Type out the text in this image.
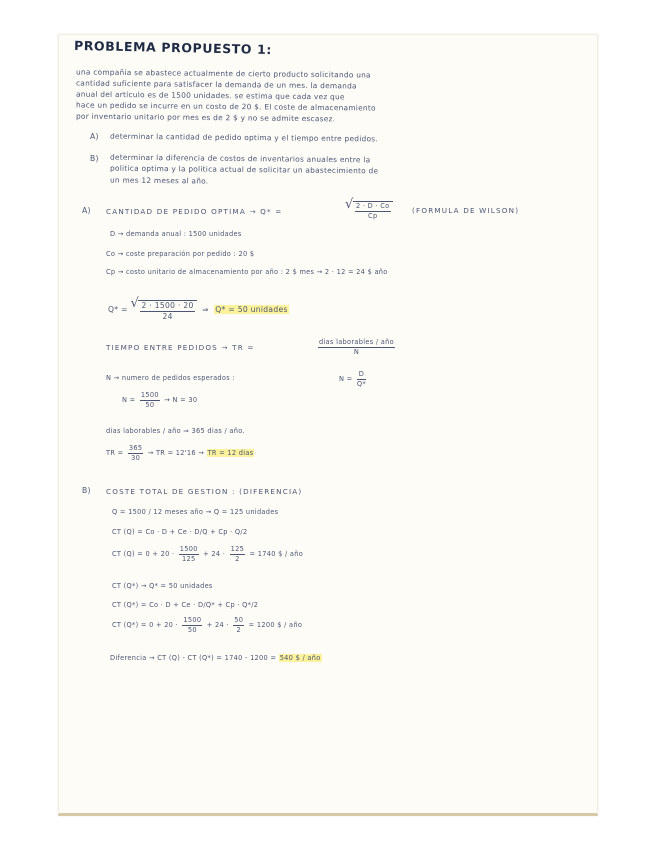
PROBLEMA PROPUESTO 1:
una compañia se abastece actualmente de cierto producto solicitando una
cantidad suficiente para satisfacer la demanda de un mes. la demanda
anual del artículo es de 1500 unidades. se estima que cada vez que
hace un pedido se incurre en un costo de 20 $. El coste de almacenamiento
por inventario unitario por mes es de 2 $ y no se admite escasez.
A) determinar la cantidad de pedido optima y el tiempo entre pedidos.
B) determinar la diferencia de costos de inventarios anuales entre la
politica optima y la politica actual de solicitar un abastecimiento de
un mes 12 meses al año.
A) CANTIDAD DE PEDIDO OPTIMA → Q* =	√ $\frac{2 \cdot D \cdot Co}{Cp}$	(FORMULA DE WILSON)
D → demanda anual : 1500 unidades
Co → coste preparación por pedido : 20 $
Cp → costo unitario de almacenamiento por año : 2 $ mes → 2 · 12 = 24 $ año
Q* = √ $\frac{2 \cdot 1500 \cdot 20}{24}$ ⇒ Q* = 50 unidades
TIEMPO ENTRE PEDIDOS → TR =	$\frac{\text{dias laborables / año}}{N}$
N → numero de pedidos esperados :	$N = \frac{D}{Q*}$
$N = \frac{1500}{50} \to N = 30$
dias laborables / año ⇒ 365 dias / año.
TR = $\frac{365}{30}$ → TR = 12'16 → TR = 12 dias
B) COSTE TOTAL DE GESTION : (DIFERENCIA)
Q = 1500 / 12 meses año → Q = 125 unidades
CT (Q) = Co · D + Ce · D/Q + Cp · Q/2
CT $(Q) = 0 + 20 \cdot \frac{1500}{125} + 24 \cdot \frac{125}{2} = 1740$ $ / año
CT (Q*) → Q* = 50 unidades
CT (Q*) = Co · D + Ce · D/Q* + Cp · Q*/2
CT $(Q*) = 0 + 20 \cdot \frac{1500}{50} + 24 \cdot \frac{50}{2} = 1200$ $ / año
Diferencia → CT (Q) - CT (Q*) = 1740 - 1200 = 540 $ / año
